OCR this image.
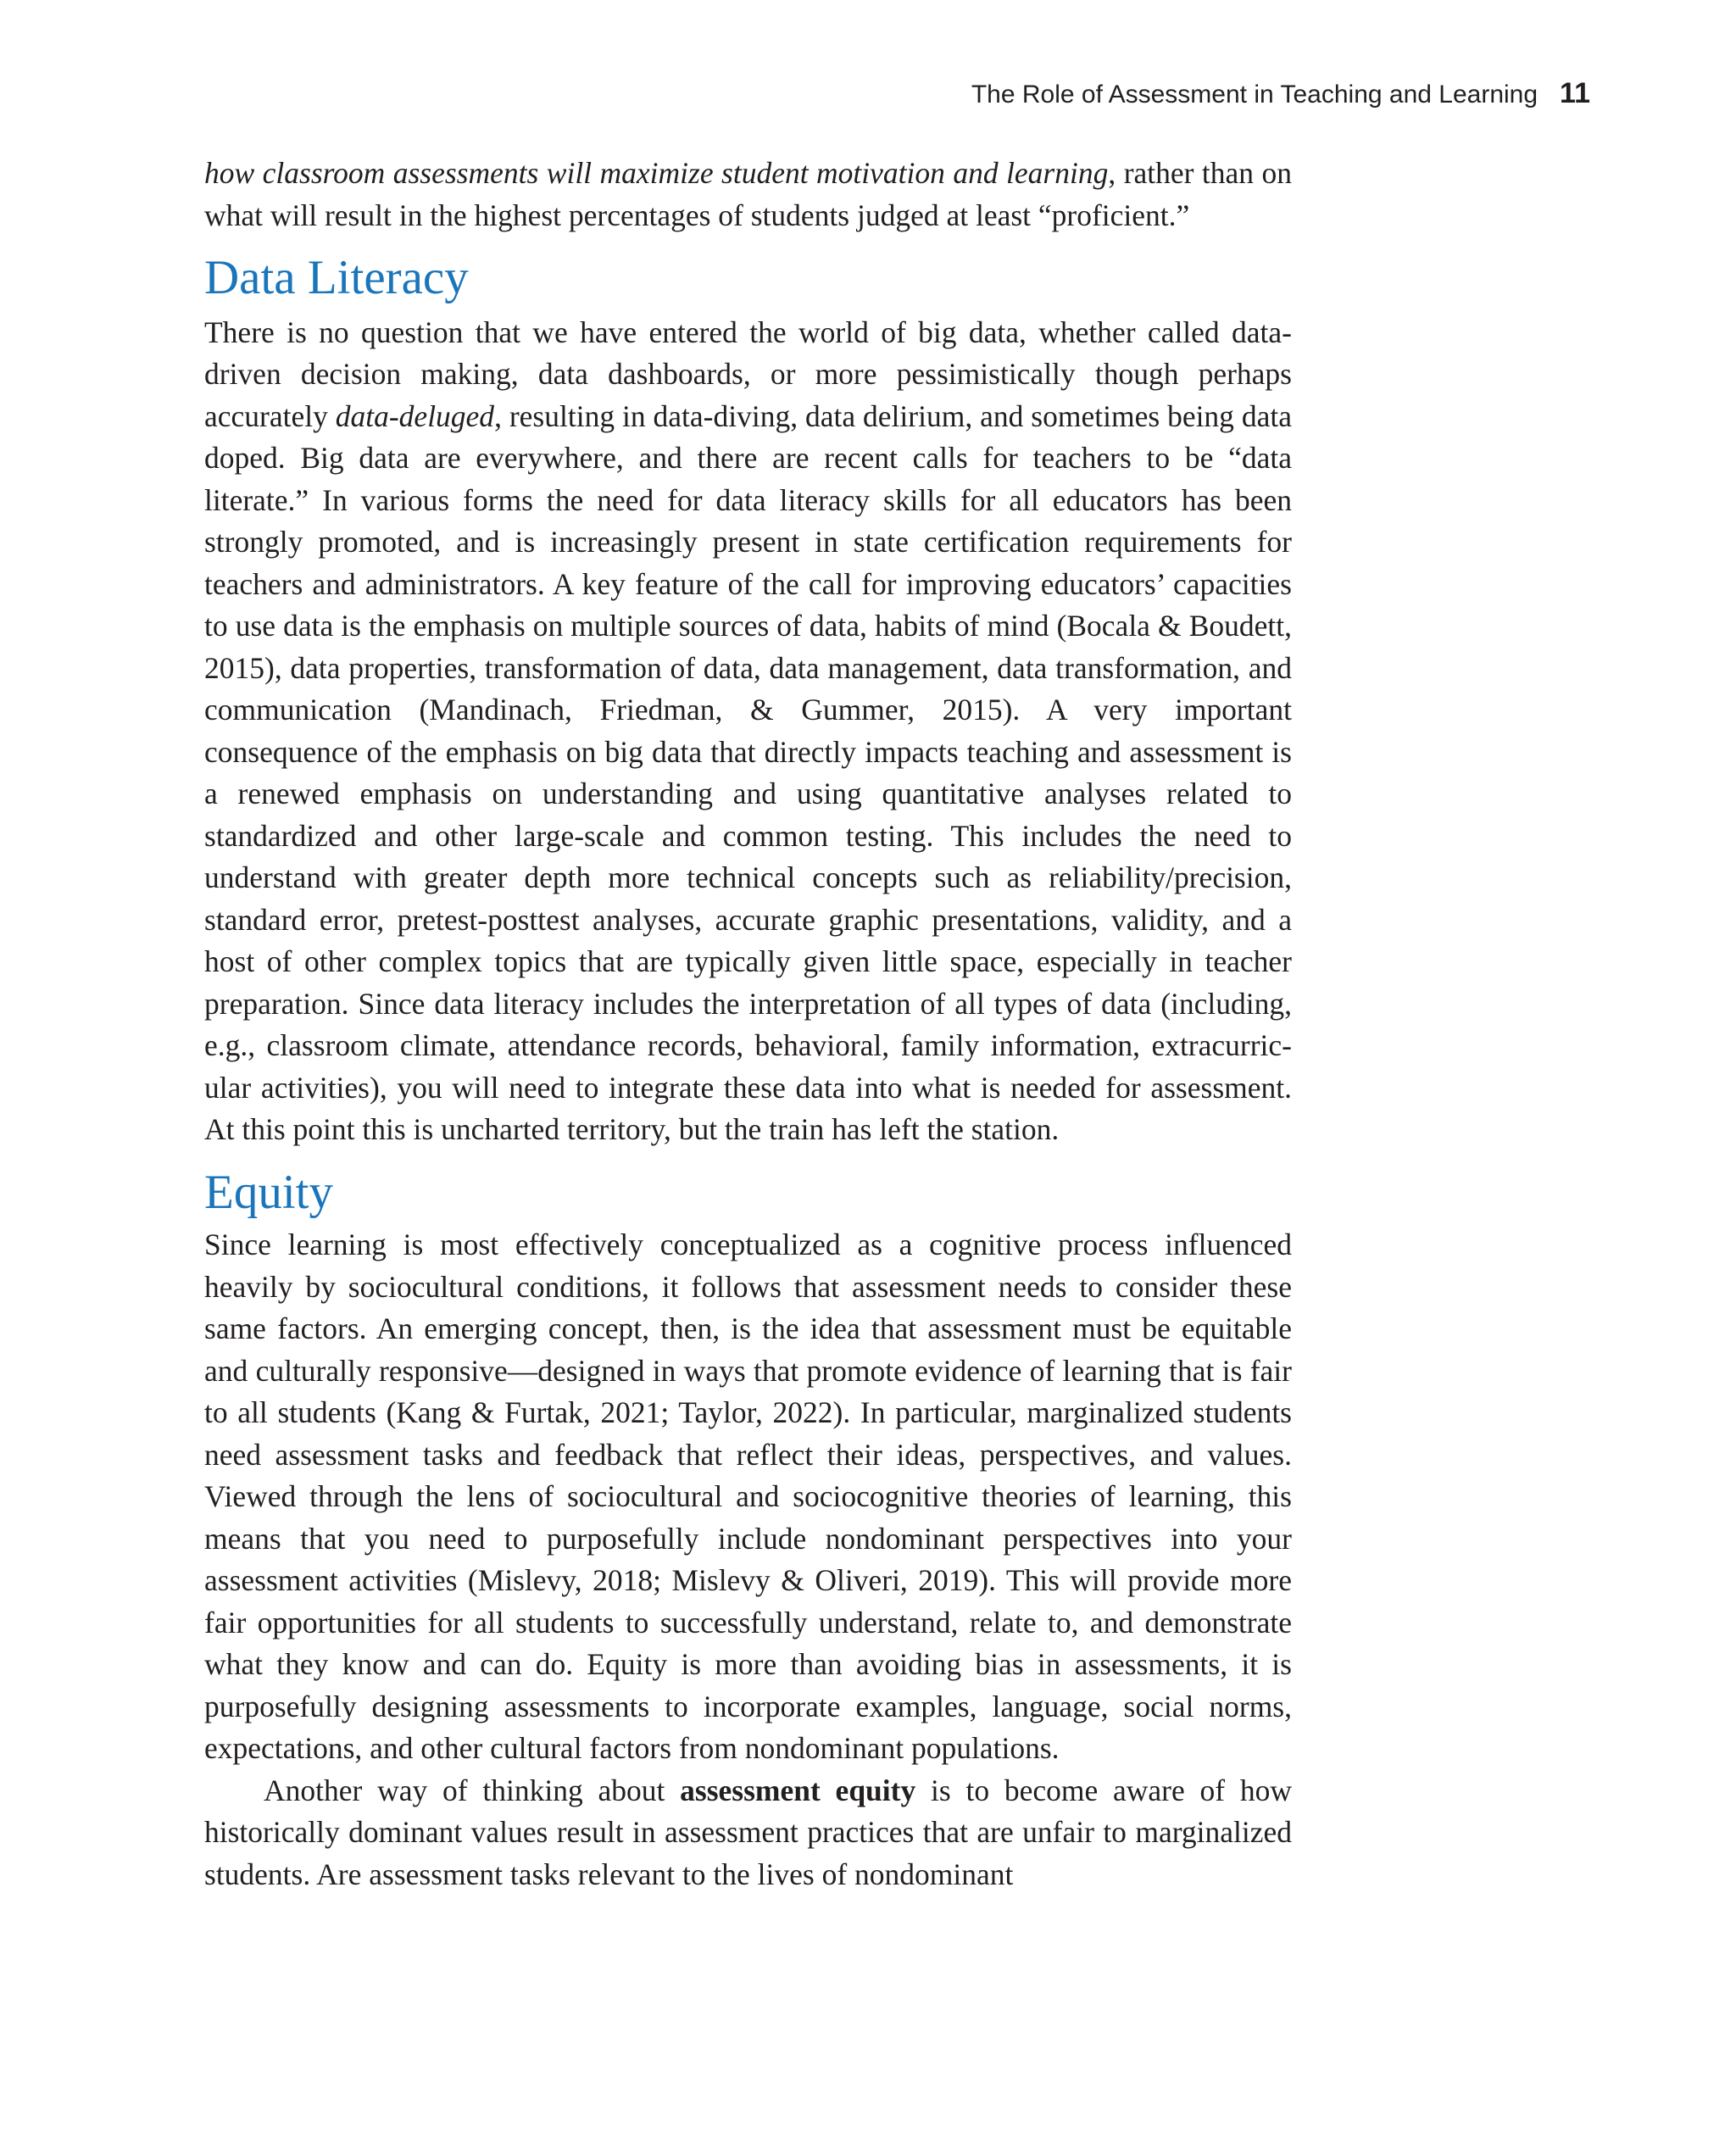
The Role of Assessment in Teaching and Learning 11

how classroom assessments will maximize student motivation and learning, rather than on what will result in the highest percentages of students judged at least “proficient.”

Data Literacy

There is no question that we have entered the world of big data, whether called data-driven decision making, data dashboards, or more pessimistically though perhaps accurately data-deluged, resulting in data-diving, data delirium, and sometimes being data doped. Big data are everywhere, and there are recent calls for teachers to be “data literate.” In various forms the need for data literacy skills for all educators has been strongly promoted, and is increasingly present in state certification requirements for teachers and administrators. A key feature of the call for improving educators’ capacities to use data is the emphasis on multiple sources of data, habits of mind (Bocala & Boudett, 2015), data properties, transformation of data, data management, data transformation, and communication (Mandinach, Friedman, & Gummer, 2015). A very important consequence of the emphasis on big data that directly impacts teaching and assessment is a renewed emphasis on understanding and using quantitative analyses related to standardized and other large-scale and common testing. This includes the need to understand with greater depth more technical concepts such as reliability/precision, standard error, pretest-posttest analyses, accurate graphic presentations, validity, and a host of other complex topics that are typically given little space, especially in teacher preparation. Since data literacy includes the interpretation of all types of data (including, e.g., classroom climate, attendance records, behavioral, family information, extracurricular activities), you will need to integrate these data into what is needed for assessment. At this point this is uncharted territory, but the train has left the station.

Equity

Since learning is most effectively conceptualized as a cognitive process influenced heavily by sociocultural conditions, it follows that assessment needs to consider these same factors. An emerging concept, then, is the idea that assessment must be equitable and culturally responsive—designed in ways that promote evidence of learning that is fair to all students (Kang & Furtak, 2021; Taylor, 2022). In particular, marginalized students need assessment tasks and feedback that reflect their ideas, perspectives, and values. Viewed through the lens of sociocultural and sociocognitive theories of learning, this means that you need to purposefully include nondominant perspectives into your assessment activities (Mislevy, 2018; Mislevy & Oliveri, 2019). This will provide more fair opportunities for all students to successfully understand, relate to, and demonstrate what they know and can do. Equity is more than avoiding bias in assessments, it is purposefully designing assessments to incorporate examples, language, social norms, expectations, and other cultural factors from nondominant populations.

Another way of thinking about assessment equity is to become aware of how historically dominant values result in assessment practices that are unfair to marginalized students. Are assessment tasks relevant to the lives of nondominant
